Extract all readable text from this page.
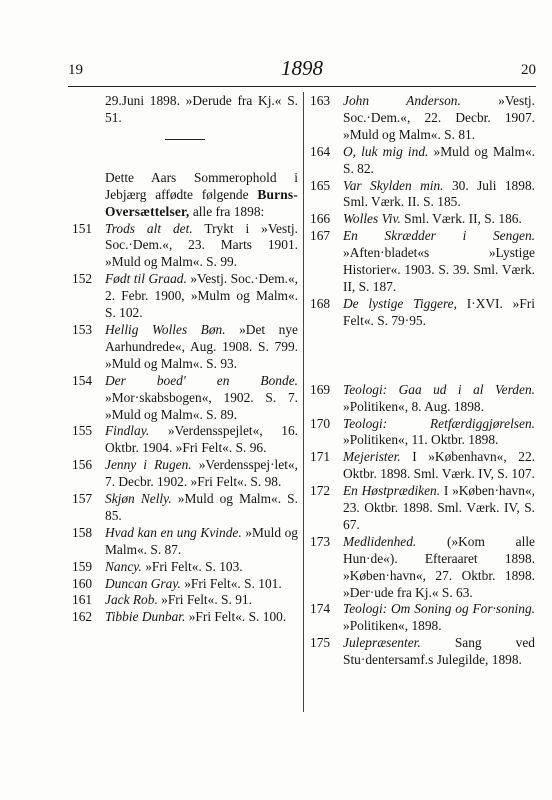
19	1898	20
29.Juni 1898. »Derude fra Kj.« S. 51.
Dette Aars Sommerophold i Jebjærg affødte følgende Burns-Oversættelser, alle fra 1898:
151 Trods alt det. Trykt i »Vestj. Soc.·Dem.«, 23. Marts 1901. »Muld og Malm«. S. 99.
152 Født til Graad. »Vestj. Soc.·Dem.«, 2. Febr. 1900, »Mulm og Malm«. S. 102.
153 Hellig Wolles Bøn. »Det nye Aarhundrede«, Aug. 1908. S. 799. »Muld og Malm«. S. 93.
154 Der boed' en Bonde. »Mor·skabsbogen«, 1902. S. 7. »Muld og Malm«. S. 89.
155 Findlay. »Verdensspejlet«, 16. Oktbr. 1904. »Fri Felt«. S. 96.
156 Jenny i Rugen. »Verdensspej·let«, 7. Decbr. 1902. »Fri Felt«. S. 98.
157 Skjøn Nelly. »Muld og Malm«. S. 85.
158 Hvad kan en ung Kvinde. »Muld og Malm«. S. 87.
159 Nancy. »Fri Felt«. S. 103.
160 Duncan Gray. »Fri Felt«. S. 101.
161 Jack Rob. »Fri Felt«. S. 91.
162 Tibbie Dunbar. »Fri Felt«. S. 100.
163 John Anderson.	»Vestj. Soc.·Dem.«, 22. Decbr. 1907. »Muld og Malm«. S. 81.
164 O, luk mig ind. »Muld og Malm«. S. 82.
165 Var Skylden min. 30. Juli 1898. Sml. Værk. II. S. 185.
166 Wolles Viv. Sml. Værk. II, S. 186.
167 En Skrædder i Sengen. »Aften·bladet«s »Lystige Historier«. 1903. S. 39. Sml. Værk. II, S. 187.
168 De lystige Tiggere, I·XVI. »Fri Felt«. S. 79·95.
169 Teologi: Gaa ud i al Verden. »Politiken«, 8. Aug. 1898.
170 Teologi: Retfærdiggjørelsen. »Politiken«, 11. Oktbr. 1898.
171 Mejerister. I »København«, 22. Oktbr. 1898. Sml. Værk. IV, S. 107.
172 En Høstprædiken. I »Køben·havn«, 23. Oktbr. 1898. Sml. Værk. IV, S. 67.
173 Medlidenhed. (»Kom alle Hun·de«). Efteraaret 1898. »Køben·havn«, 27. Oktbr. 1898. »Der·ude fra Kj.« S. 63.
174 Teologi: Om Soning og For·soning. »Politiken«, 1898.
175 Julepræsenter.	Sang ved Stu·dentersamf.s Julegilde, 1898.
